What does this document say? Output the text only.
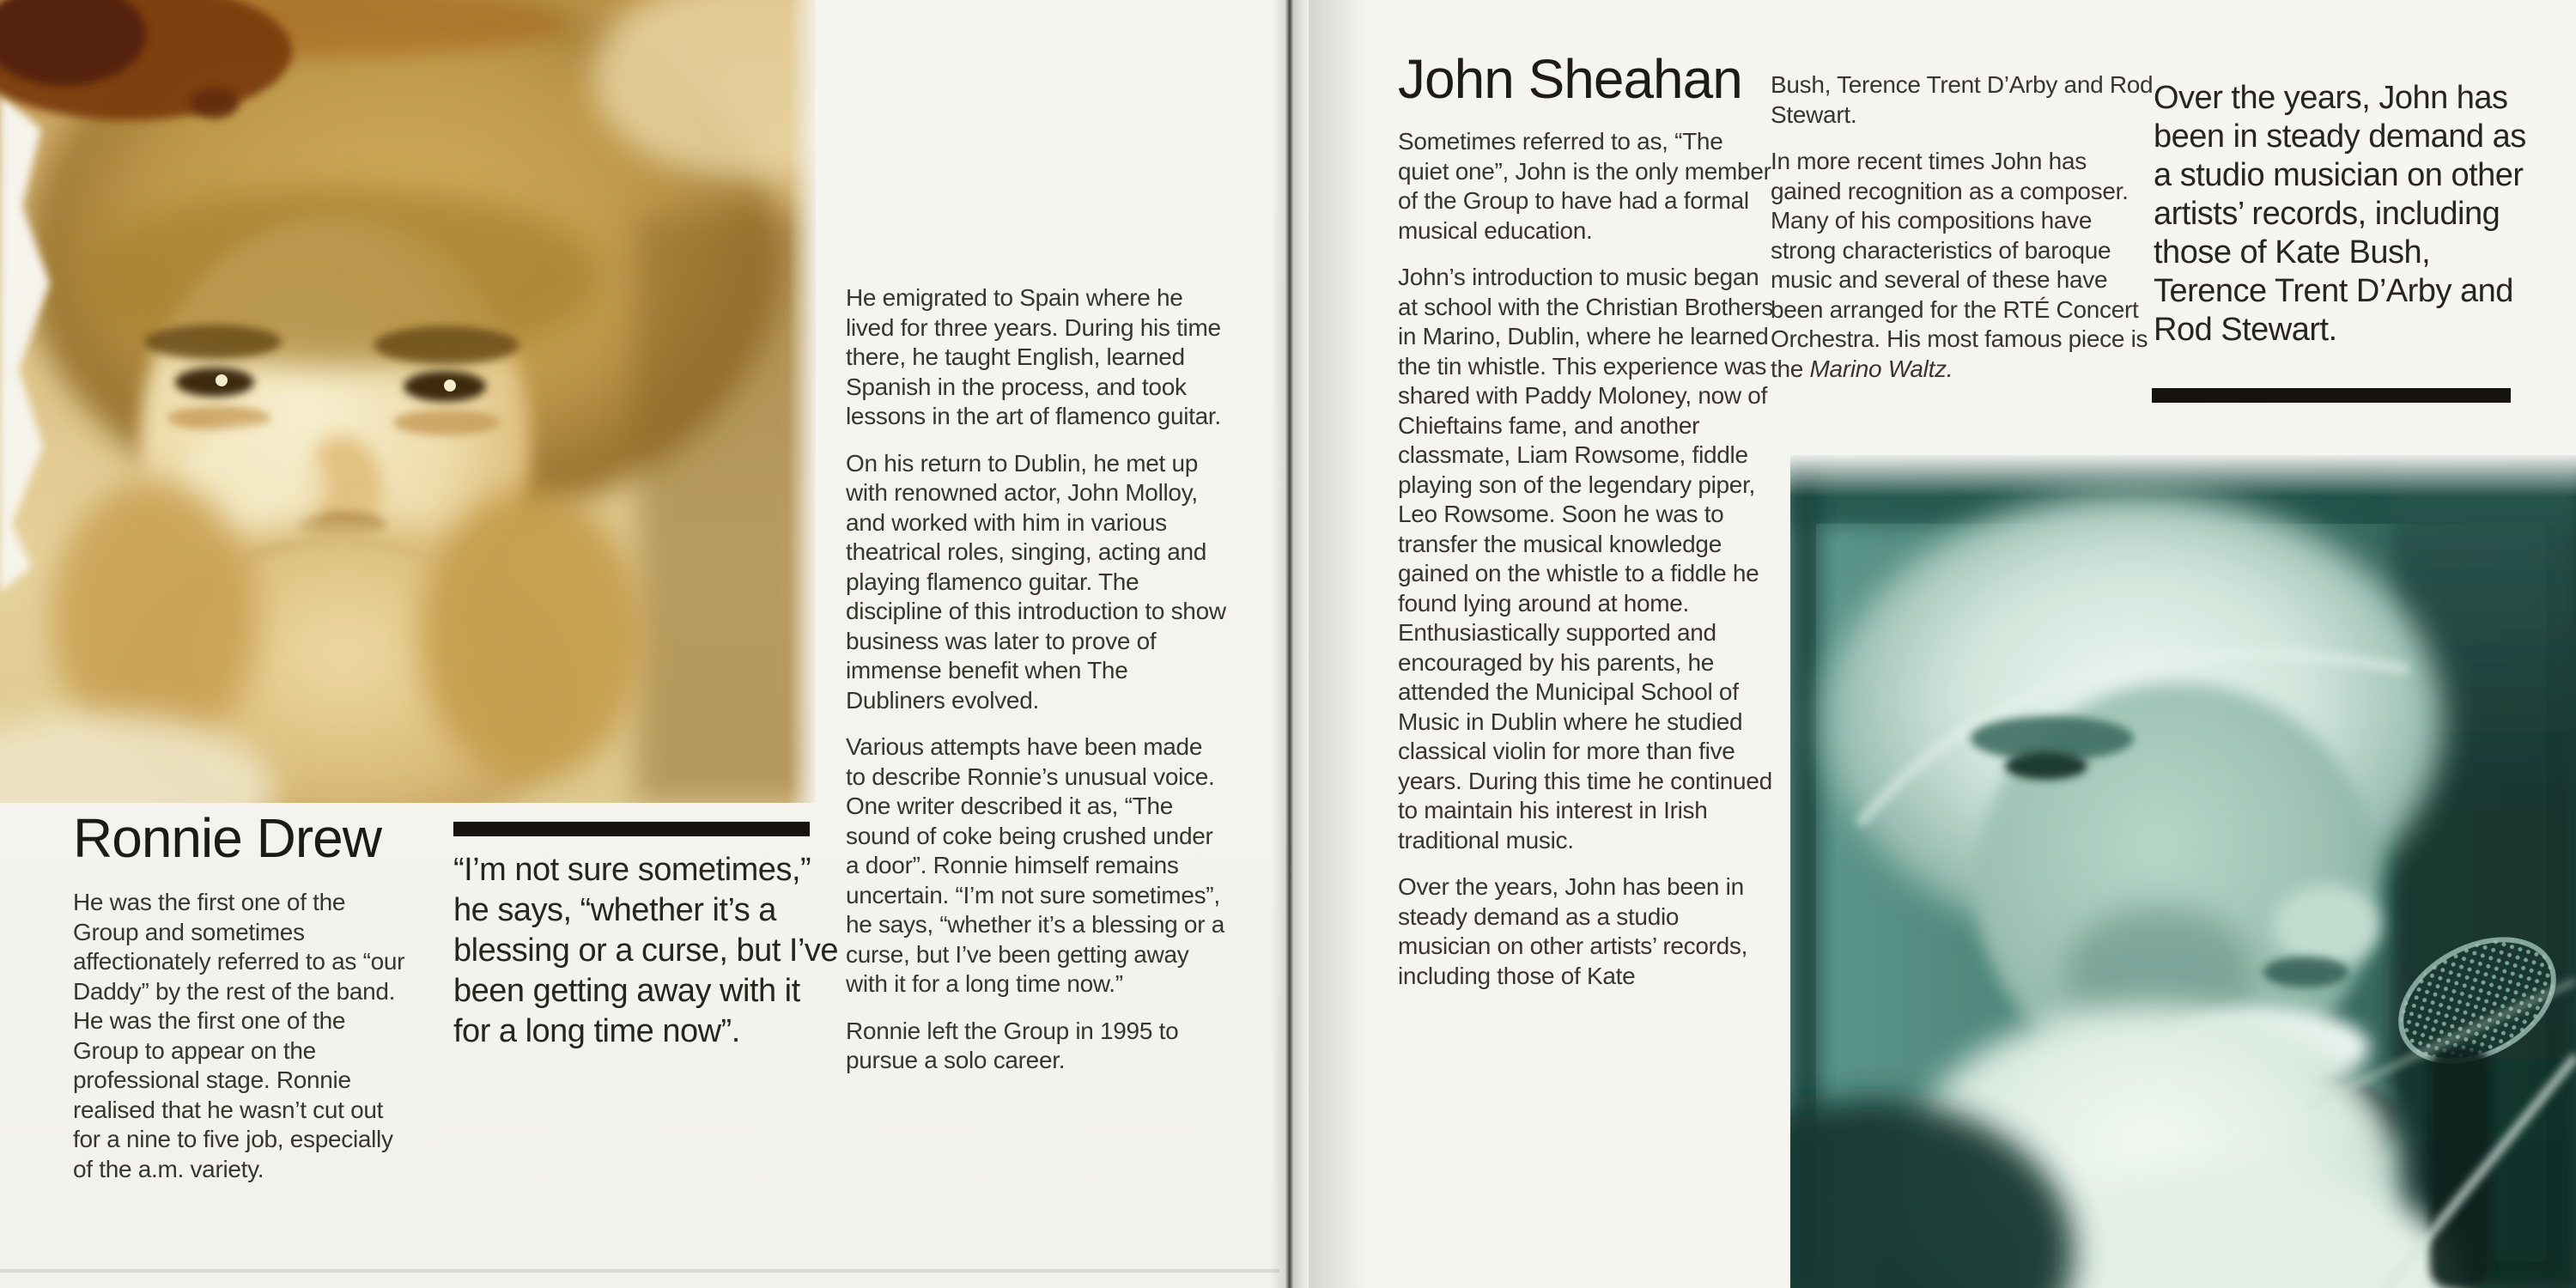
Ronnie Drew

He was the first one of the Group and sometimes affectionately referred to as “our Daddy” by the rest of the band. He was the first one of the Group to appear on the professional stage. Ronnie realised that he wasn’t cut out for a nine to five job, especially of the a.m. variety.

“I’m not sure sometimes,” he says, “whether it’s a blessing or a curse, but I’ve been getting away with it for a long time now”.

He emigrated to Spain where he lived for three years. During his time there, he taught English, learned Spanish in the process, and took lessons in the art of flamenco guitar.

On his return to Dublin, he met up with renowned actor, John Molloy, and worked with him in various theatrical roles, singing, acting and playing flamenco guitar. The discipline of this introduction to show business was later to prove of immense benefit when The Dubliners evolved.

Various attempts have been made to describe Ronnie’s unusual voice. One writer described it as, “The sound of coke being crushed under a door”. Ronnie himself remains uncertain. “I’m not sure sometimes”, he says, “whether it’s a blessing or a curse, but I’ve been getting away with it for a long time now.”

Ronnie left the Group in 1995 to pursue a solo career.

John Sheahan

Sometimes referred to as, “The quiet one”, John is the only member of the Group to have had a formal musical education.

John’s introduction to music began at school with the Christian Brothers in Marino, Dublin, where he learned the tin whistle. This experience was shared with Paddy Moloney, now of Chieftains fame, and another classmate, Liam Rowsome, fiddle playing son of the legendary piper, Leo Rowsome. Soon he was to transfer the musical knowledge gained on the whistle to a fiddle he found lying around at home. Enthusiastically supported and encouraged by his parents, he attended the Municipal School of Music in Dublin where he studied classical violin for more than five years. During this time he continued to maintain his interest in Irish traditional music.

Over the years, John has been in steady demand as a studio musician on other artists’ records, including those of Kate

Bush, Terence Trent D’Arby and Rod Stewart.

In more recent times John has gained recognition as a composer. Many of his compositions have strong characteristics of baroque music and several of these have been arranged for the RTÉ Concert Orchestra. His most famous piece is the Marino Waltz.

Over the years, John has been in steady demand as a studio musician on other artists’ records, including those of Kate Bush, Terence Trent D’Arby and Rod Stewart.
